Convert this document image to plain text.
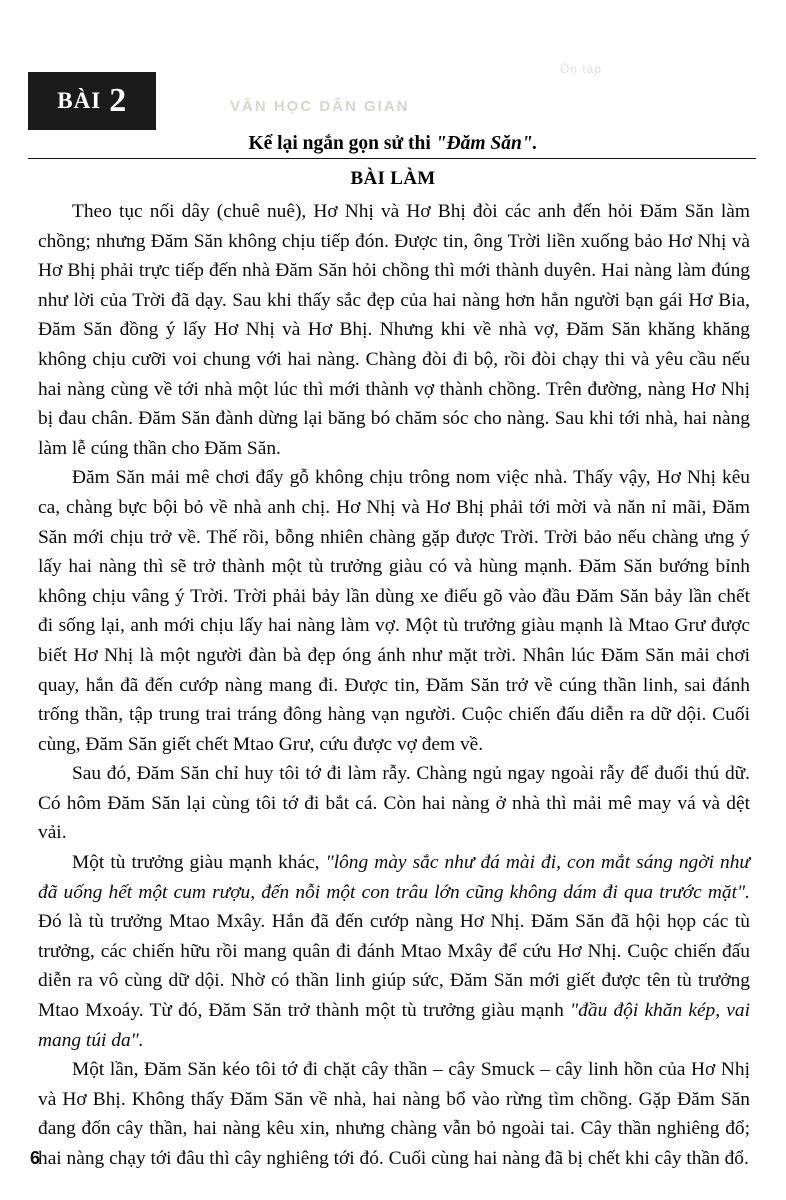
Ôn tập
VĂN HỌC DÂN GIAN
BÀI 2
Kể lại ngắn gọn sử thi "Đăm Săn".
BÀI LÀM

Theo tục nối dây (chuê nuê), Hơ Nhị và Hơ Bhị đòi các anh đến hỏi Đăm Săn làm chồng; nhưng Đăm Săn không chịu tiếp đón. Được tin, ông Trời liền xuống bảo Hơ Nhị và Hơ Bhị phải trực tiếp đến nhà Đăm Săn hỏi chồng thì mới thành duyên. Hai nàng làm đúng như lời của Trời đã dạy. Sau khi thấy sắc đẹp của hai nàng hơn hẳn người bạn gái Hơ Bia, Đăm Săn đồng ý lấy Hơ Nhị và Hơ Bhị. Nhưng khi về nhà vợ, Đăm Săn khăng khăng không chịu cưỡi voi chung với hai nàng. Chàng đòi đi bộ, rồi đòi chạy thi và yêu cầu nếu hai nàng cùng về tới nhà một lúc thì mới thành vợ thành chồng. Trên đường, nàng Hơ Nhị bị đau chân. Đăm Săn đành dừng lại băng bó chăm sóc cho nàng. Sau khi tới nhà, hai nàng làm lễ cúng thần cho Đăm Săn.

Đăm Săn mải mê chơi đẩy gỗ không chịu trông nom việc nhà. Thấy vậy, Hơ Nhị kêu ca, chàng bực bội bỏ về nhà anh chị. Hơ Nhị và Hơ Bhị phải tới mời và năn nỉ mãi, Đăm Săn mới chịu trở về. Thế rồi, bỗng nhiên chàng gặp được Trời. Trời bảo nếu chàng ưng ý lấy hai nàng thì sẽ trở thành một tù trưởng giàu có và hùng mạnh. Đăm Săn bướng bỉnh không chịu vâng ý Trời. Trời phải bảy lần dùng xe điếu gõ vào đầu Đăm Săn bảy lần chết đi sống lại, anh mới chịu lấy hai nàng làm vợ. Một tù trưởng giàu mạnh là Mtao Grư được biết Hơ Nhị là một người đàn bà đẹp óng ánh như mặt trời. Nhân lúc Đăm Săn mải chơi quay, hắn đã đến cướp nàng mang đi. Được tin, Đăm Săn trở về cúng thần linh, sai đánh trống thần, tập trung trai tráng đông hàng vạn người. Cuộc chiến đấu diễn ra dữ dội. Cuối cùng, Đăm Săn giết chết Mtao Grư, cứu được vợ đem về.

Sau đó, Đăm Săn chỉ huy tôi tớ đi làm rẫy. Chàng ngủ ngay ngoài rẫy để đuổi thú dữ. Có hôm Đăm Săn lại cùng tôi tớ đi bắt cá. Còn hai nàng ở nhà thì mải mê may vá và dệt vải.

Một tù trưởng giàu mạnh khác, "lông mày sắc như đá mài đi, con mắt sáng ngời như đã uống hết một cum rượu, đến nỗi một con trâu lớn cũng không dám đi qua trước mặt". Đó là tù trưởng Mtao Mxây. Hắn đã đến cướp nàng Hơ Nhị. Đăm Săn đã hội họp các tù trưởng, các chiến hữu rồi mang quân đi đánh Mtao Mxây để cứu Hơ Nhị. Cuộc chiến đấu diễn ra vô cùng dữ dội. Nhờ có thần linh giúp sức, Đăm Săn mới giết được tên tù trưởng Mtao Mxoáy. Từ đó, Đăm Săn trở thành một tù trưởng giàu mạnh "đầu đội khăn kép, vai mang túi da".

Một lần, Đăm Săn kéo tôi tớ đi chặt cây thần – cây Smuck – cây linh hồn của Hơ Nhị và Hơ Bhị. Không thấy Đăm Săn về nhà, hai nàng bổ vào rừng tìm chồng. Gặp Đăm Săn đang đốn cây thần, hai nàng kêu xin, nhưng chàng vẫn bỏ ngoài tai. Cây thần nghiêng đổ; hai nàng chạy tới đâu thì cây nghiêng tới đó. Cuối cùng hai nàng đã bị chết khi cây thần đổ.

6
